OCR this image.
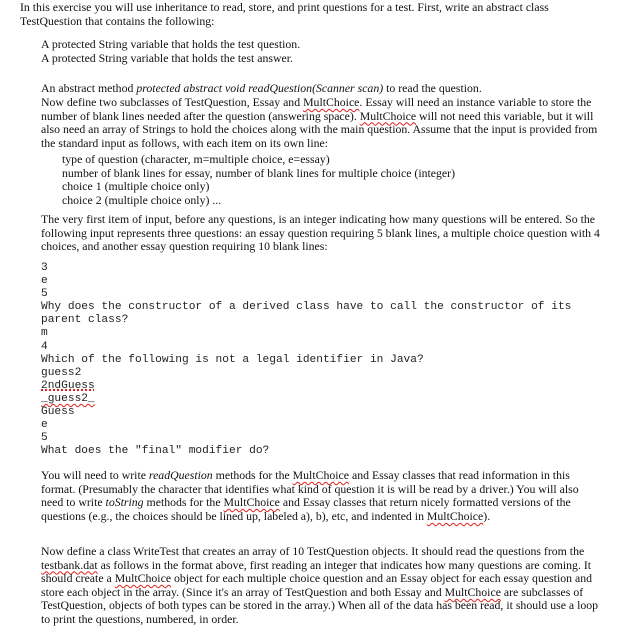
In this exercise you will use inheritance to read, store, and print questions for a test. First, write an abstract class TestQuestion that contains the following:

A protected String variable that holds the test question.

A protected String variable that holds the test answer.

An abstract method protected abstract void readQuestion(Scanner scan) to read the question.

Now define two subclasses of TestQuestion, Essay and MultChoice. Essay will need an instance variable to store the number of blank lines needed after the question (answering space). MultChoice will not need this variable, but it will also need an array of Strings to hold the choices along with the main question. Assume that the input is provided from the standard input as follows, with each item on its own line:

type of question (character, m=multiple choice, e=essay)

number of blank lines for essay, number of blank lines for multiple choice (integer)

choice 1 (multiple choice only)

choice 2 (multiple choice only) ...

The very first item of input, before any questions, is an integer indicating how many questions will be entered. So the following input represents three questions: an essay question requiring 5 blank lines, a multiple choice question with 4 choices, and another essay question requiring 10 blank lines:

3
e
5
Why does the constructor of a derived class have to call the constructor of its parent class?
m
4
Which of the following is not a legal identifier in Java?
guess2
2ndGuess
_guess2_
Guess
e
5
What does the "final" modifier do?

You will need to write readQuestion methods for the MultChoice and Essay classes that read information in this format. (Presumably the character that identifies what kind of question it is will be read by a driver.) You will also need to write toString methods for the MultChoice and Essay classes that return nicely formatted versions of the questions (e.g., the choices should be lined up, labeled a), b), etc, and indented in MultChoice).

Now define a class WriteTest that creates an array of 10 TestQuestion objects. It should read the questions from the testbank.dat as follows in the format above, first reading an integer that indicates how many questions are coming. It should create a MultChoice object for each multiple choice question and an Essay object for each essay question and store each object in the array. (Since it's an array of TestQuestion and both Essay and MultChoice are subclasses of TestQuestion, objects of both types can be stored in the array.) When all of the data has been read, it should use a loop to print the questions, numbered, in order.
